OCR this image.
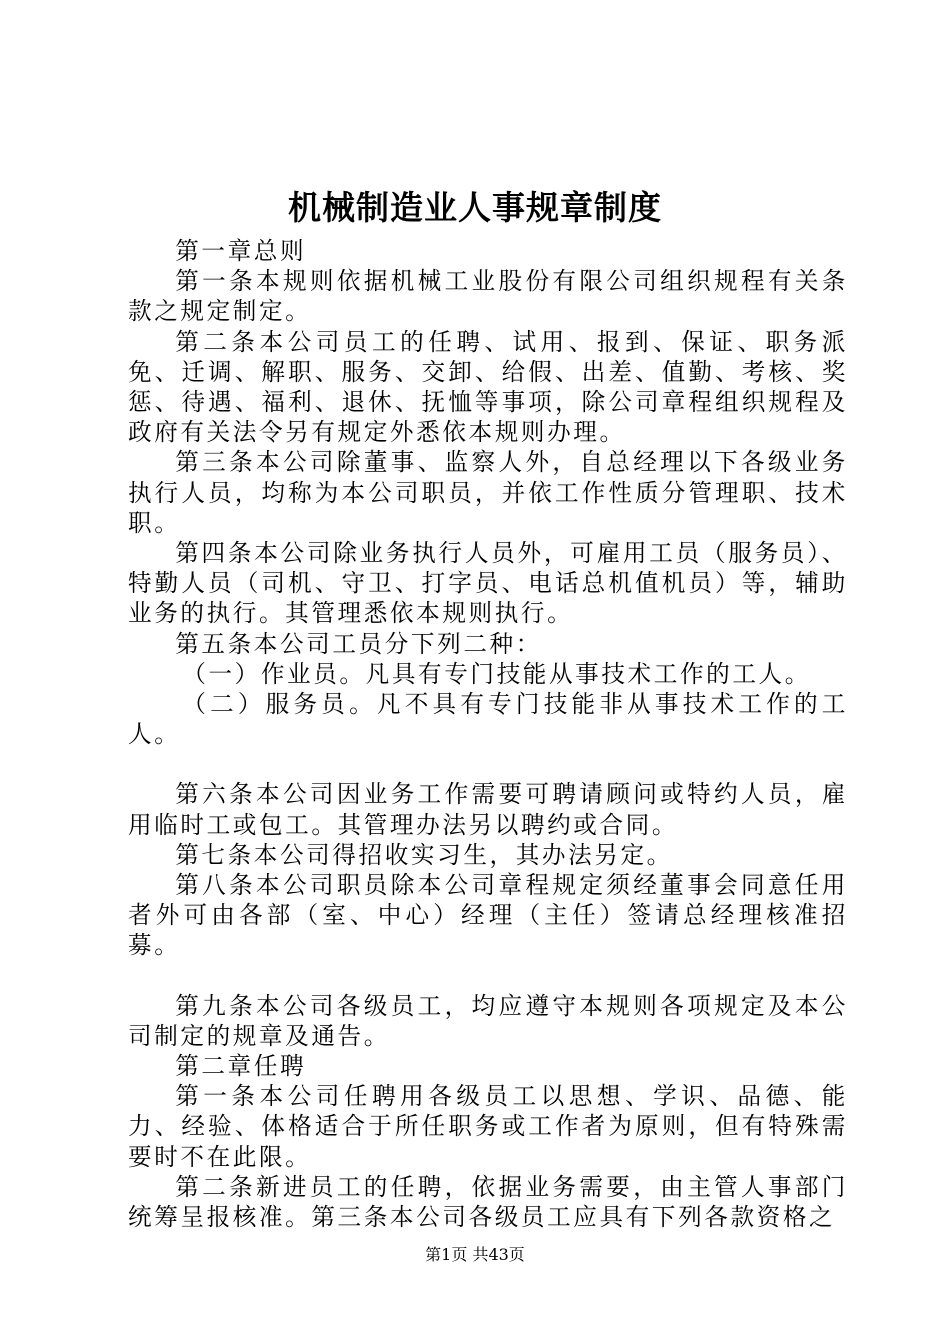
机械制造业人事规章制度

第一章总则

第一条本规则依据机械工业股份有限公司组织规程有关条款之规定制定。

第二条本公司员工的任聘、试用、报到、保证、职务派免、迁调、解职、服务、交卸、给假、出差、值勤、考核、奖惩、待遇、福利、退休、抚恤等事项，除公司章程组织规程及政府有关法令另有规定外悉依本规则办理。

第三条本公司除董事、监察人外，自总经理以下各级业务执行人员，均称为本公司职员，并依工作性质分管理职、技术职。

第四条本公司除业务执行人员外，可雇用工员（服务员）、特勤人员（司机、守卫、打字员、电话总机值机员）等，辅助业务的执行。其管理悉依本规则执行。

第五条本公司工员分下列二种：

（一）作业员。凡具有专门技能从事技术工作的工人。

（二）服务员。凡不具有专门技能非从事技术工作的工人。

第六条本公司因业务工作需要可聘请顾问或特约人员，雇用临时工或包工。其管理办法另以聘约或合同。

第七条本公司得招收实习生，其办法另定。

第八条本公司职员除本公司章程规定须经董事会同意任用者外可由各部（室、中心）经理（主任）签请总经理核准招募。

第九条本公司各级员工，均应遵守本规则各项规定及本公司制定的规章及通告。

第二章任聘

第一条本公司任聘用各级员工以思想、学识、品德、能力、经验、体格适合于所任职务或工作者为原则，但有特殊需要时不在此限。

第二条新进员工的任聘，依据业务需要，由主管人事部门统筹呈报核准。第三条本公司各级员工应具有下列各款资格之

第1页 共43页
